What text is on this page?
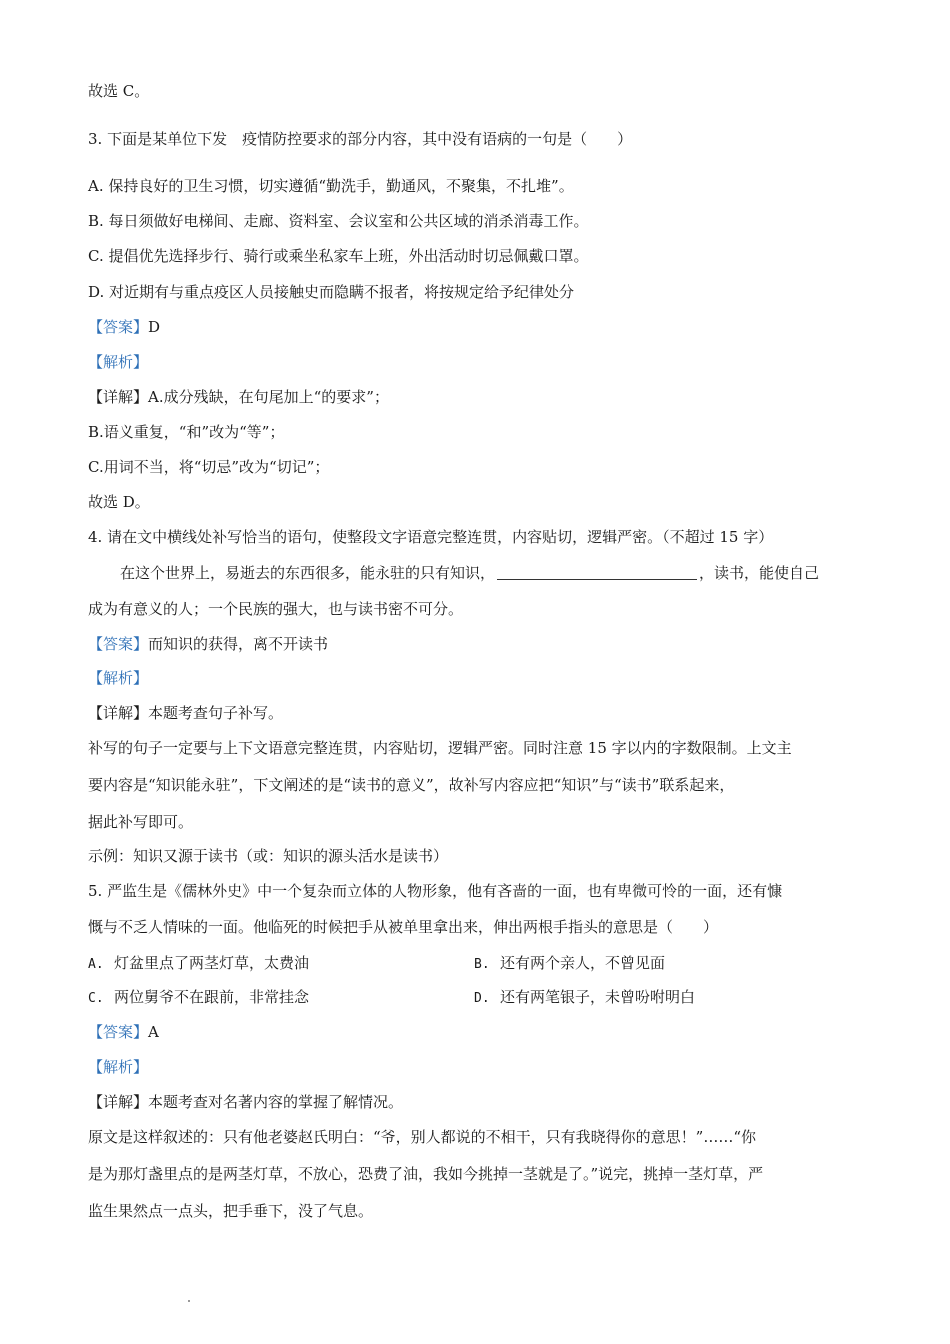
故选 C。
3. 下面是某单位下发　疫情防控要求的部分内容，其中没有语病的一句是（　　）
A. 保持良好的卫生习惯，切实遵循“勤洗手，勤通风，不聚集，不扎堆”。
B. 每日须做好电梯间、走廊、资料室、会议室和公共区域的消杀消毒工作。
C. 提倡优先选择步行、骑行或乘坐私家车上班，外出活动时切忌佩戴口罩。
D. 对近期有与重点疫区人员接触史而隐瞒不报者，将按规定给予纪律处分
【答案】D
【解析】
【详解】A.成分残缺，在句尾加上“的要求”；
B.语义重复，“和”改为“等”；
C.用词不当，将“切忌”改为“切记”；
故选 D。
4. 请在文中横线处补写恰当的语句，使整段文字语意完整连贯，内容贴切，逻辑严密。（不超过 15 字）
在这个世界上，易逝去的东西很多，能永驻的只有知识，	，读书，能使自己
成为有意义的人；一个民族的强大，也与读书密不可分。
【答案】而知识的获得，离不开读书
【解析】
【详解】本题考查句子补写。
补写的句子一定要与上下文语意完整连贯，内容贴切，逻辑严密。同时注意 15 字以内的字数限制。上文主
要内容是“知识能永驻”，下文阐述的是“读书的意义”，故补写内容应把“知识”与“读书”联系起来，
据此补写即可。
示例：知识又源于读书（或：知识的源头活水是读书）
5. 严监生是《儒林外史》中一个复杂而立体的人物形象，他有吝啬的一面，也有卑微可怜的一面，还有慷
慨与不乏人情味的一面。他临死的时候把手从被单里拿出来，伸出两根手指头的意思是（　　）
A. 灯盆里点了两茎灯草，太费油	B. 还有两个亲人，不曾见面
C. 两位舅爷不在跟前，非常挂念	D. 还有两笔银子，未曾吩咐明白
【答案】A
【解析】
【详解】本题考查对名著内容的掌握了解情况。
原文是这样叙述的：只有他老婆赵氏明白：“爷，别人都说的不相干，只有我晓得你的意思！”……“你
是为那灯盏里点的是两茎灯草，不放心，恐费了油，我如今挑掉一茎就是了。”说完，挑掉一茎灯草，严
监生果然点一点头，把手垂下，没了气息。
